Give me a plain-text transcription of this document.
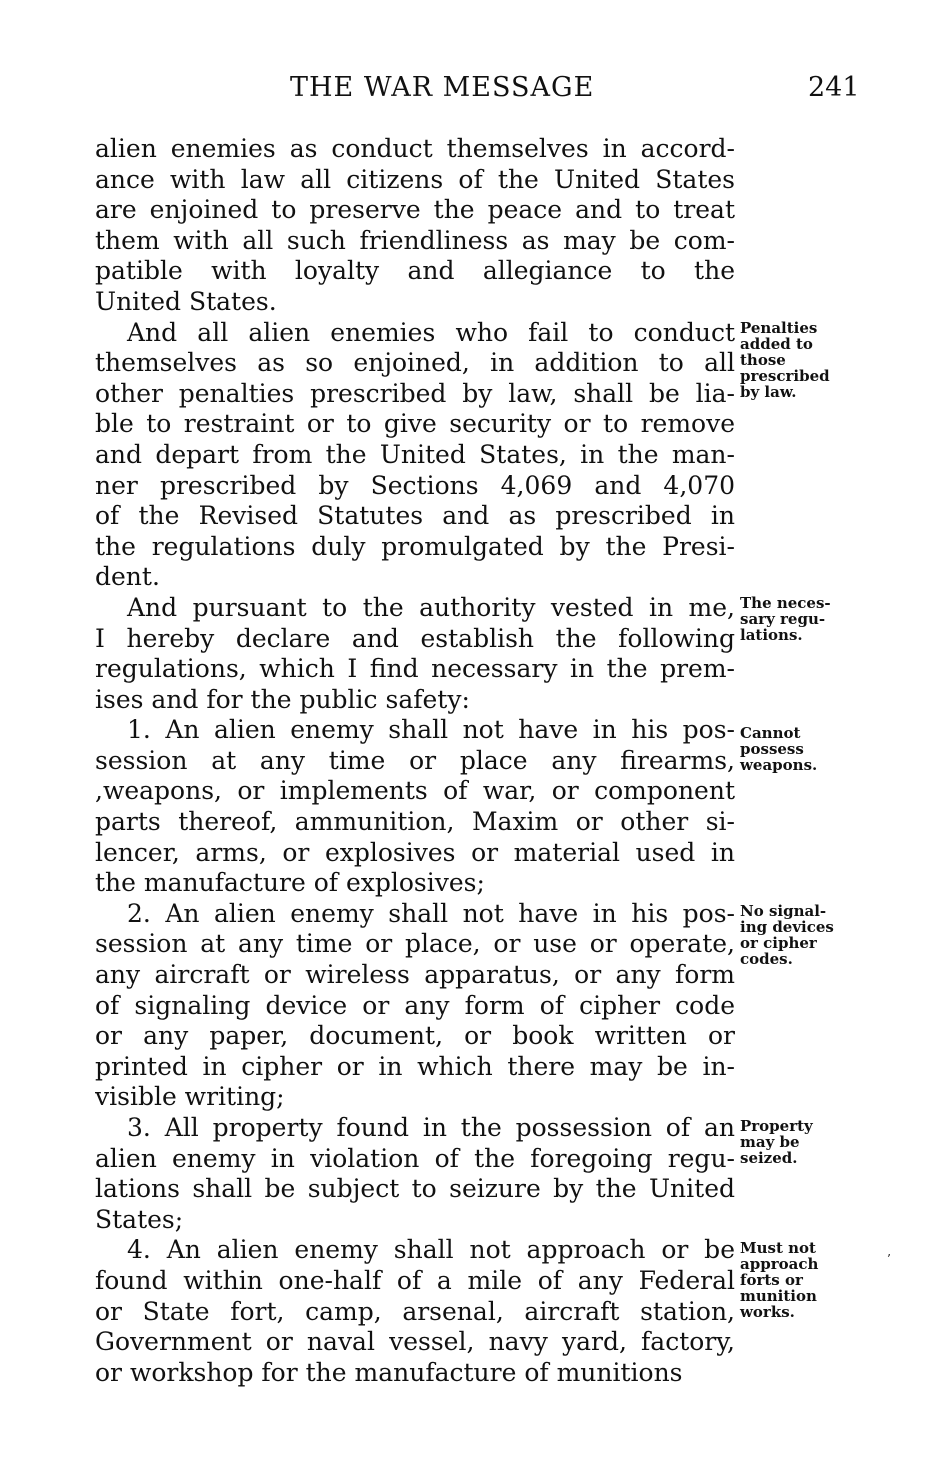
THE WAR MESSAGE	241
alien enemies as conduct themselves in accord-
ance with law all citizens of the United States
are enjoined to preserve the peace and to treat
them with all such friendliness as may be com-
patible with loyalty and allegiance to the
United States.
And all alien enemies who fail to conduct
themselves as so enjoined, in addition to all
other penalties prescribed by law, shall be lia-
ble to restraint or to give security or to remove
and depart from the United States, in the man-
ner prescribed by Sections 4,069 and 4,070
of the Revised Statutes and as prescribed in
the regulations duly promulgated by the Presi-
dent.
And pursuant to the authority vested in me,
I hereby declare and establish the following
regulations, which I find necessary in the prem-
ises and for the public safety:
1. An alien enemy shall not have in his pos-
session at any time or place any firearms,
,weapons, or implements of war, or component
parts thereof, ammunition, Maxim or other si-
lencer, arms, or explosives or material used in
the manufacture of explosives;
2. An alien enemy shall not have in his pos-
session at any time or place, or use or operate,
any aircraft or wireless apparatus, or any form
of signaling device or any form of cipher code
or any paper, document, or book written or
printed in cipher or in which there may be in-
visible writing;
3. All property found in the possession of an
alien enemy in violation of the foregoing regu-
lations shall be subject to seizure by the United
States;
4. An alien enemy shall not approach or be
found within one-half of a mile of any Federal
or State fort, camp, arsenal, aircraft station,
Government or naval vessel, navy yard, factory,
or workshop for the manufacture of munitions
Penalties
added to
those
prescribed
by law.
The neces-
sary regu-
lations.
Cannot
possess
weapons.
No signal-
ing devices
or cipher
codes.
Property
may be
seized.
Must not
approach
forts or
munition
works.
’
